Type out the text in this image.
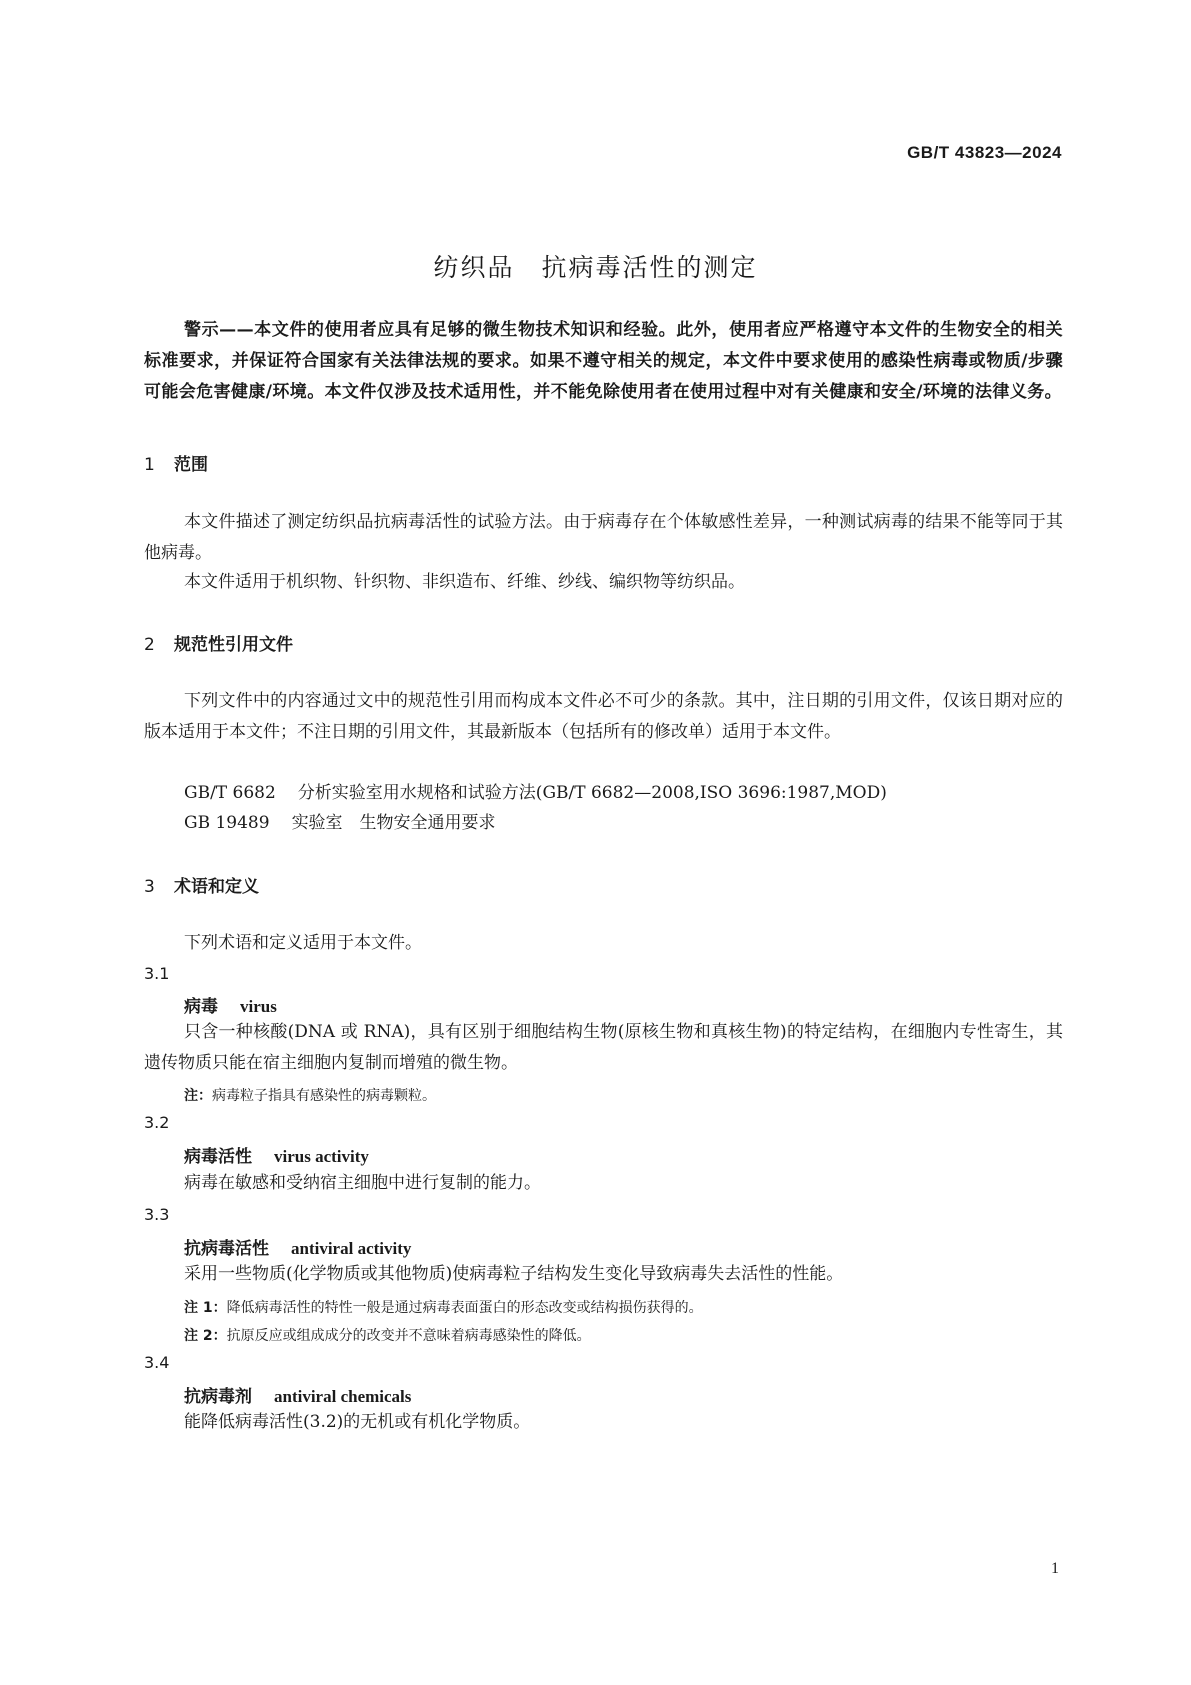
GB/T 43823—2024
纺织品　抗病毒活性的测定
警示——本文件的使用者应具有足够的微生物技术知识和经验。此外，使用者应严格遵守本文件的生物安全的相关标准要求，并保证符合国家有关法律法规的要求。如果不遵守相关的规定，本文件中要求使用的感染性病毒或物质/步骤可能会危害健康/环境。本文件仅涉及技术适用性，并不能免除使用者在使用过程中对有关健康和安全/环境的法律义务。
1 范围
本文件描述了测定纺织品抗病毒活性的试验方法。由于病毒存在个体敏感性差异，一种测试病毒的结果不能等同于其他病毒。
本文件适用于机织物、针织物、非织造布、纤维、纱线、编织物等纺织品。
2 规范性引用文件
下列文件中的内容通过文中的规范性引用而构成本文件必不可少的条款。其中，注日期的引用文件，仅该日期对应的版本适用于本文件；不注日期的引用文件，其最新版本（包括所有的修改单）适用于本文件。
GB/T 6682 分析实验室用水规格和试验方法(GB/T 6682—2008,ISO 3696:1987,MOD)
GB 19489 实验室　生物安全通用要求
3 术语和定义
下列术语和定义适用于本文件。
3.1
病毒 virus
只含一种核酸(DNA 或 RNA)，具有区别于细胞结构生物(原核生物和真核生物)的特定结构，在细胞内专性寄生，其遗传物质只能在宿主细胞内复制而增殖的微生物。
注：病毒粒子指具有感染性的病毒颗粒。
3.2
病毒活性 virus activity
病毒在敏感和受纳宿主细胞中进行复制的能力。
3.3
抗病毒活性 antiviral activity
采用一些物质(化学物质或其他物质)使病毒粒子结构发生变化导致病毒失去活性的性能。
注 1：降低病毒活性的特性一般是通过病毒表面蛋白的形态改变或结构损伤获得的。
注 2：抗原反应或组成成分的改变并不意味着病毒感染性的降低。
3.4
抗病毒剂 antiviral chemicals
能降低病毒活性(3.2)的无机或有机化学物质。
1
